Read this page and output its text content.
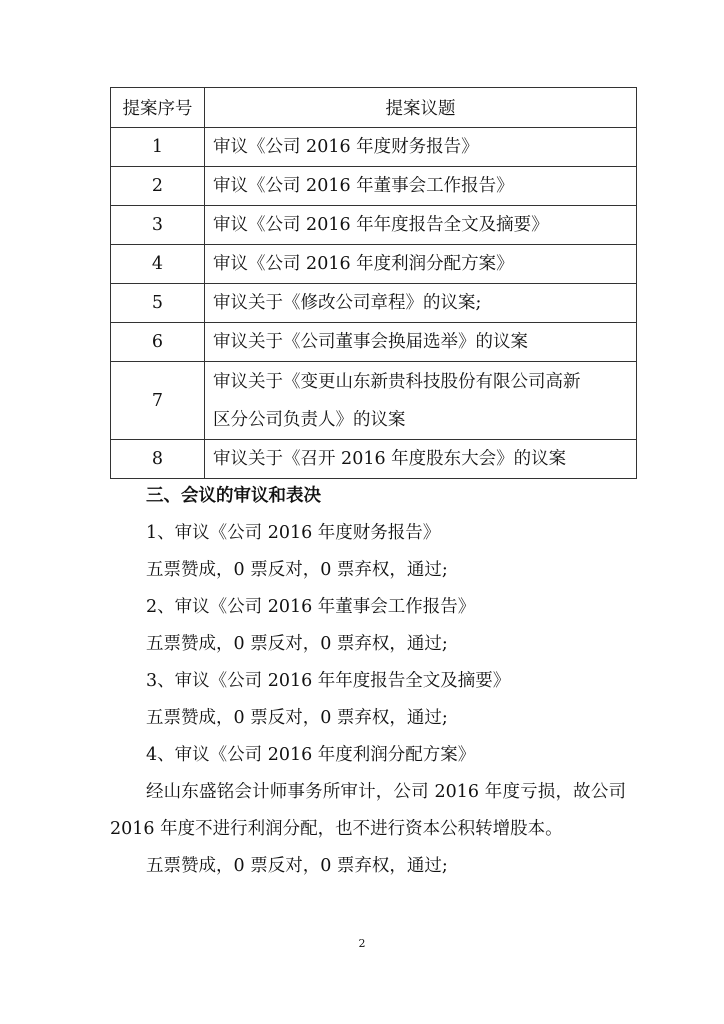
提案序号	提案议题
1	审议《公司 2016 年度财务报告》
2	审议《公司 2016 年董事会工作报告》
3	审议《公司 2016 年年度报告全文及摘要》
4	审议《公司 2016 年度利润分配方案》
5	审议关于《修改公司章程》的议案;
6	审议关于《公司董事会换届选举》的议案
7	审议关于《变更山东新贵科技股份有限公司高新
区分公司负责人》的议案

8	审议关于《召开 2016 年度股东大会》的议案

三、会议的审议和表决

1、审议《公司 2016 年度财务报告》

五票赞成，0 票反对，0 票弃权，通过;

2、审议《公司 2016 年董事会工作报告》

五票赞成，0 票反对，0 票弃权，通过;

3、审议《公司 2016 年年度报告全文及摘要》

五票赞成，0 票反对，0 票弃权，通过;

4、审议《公司 2016 年度利润分配方案》

经山东盛铭会计师事务所审计，公司 2016 年度亏损，故公司 2016 年度不进行利润分配，也不进行资本公积转增股本。

五票赞成，0 票反对，0 票弃权，通过;

2
